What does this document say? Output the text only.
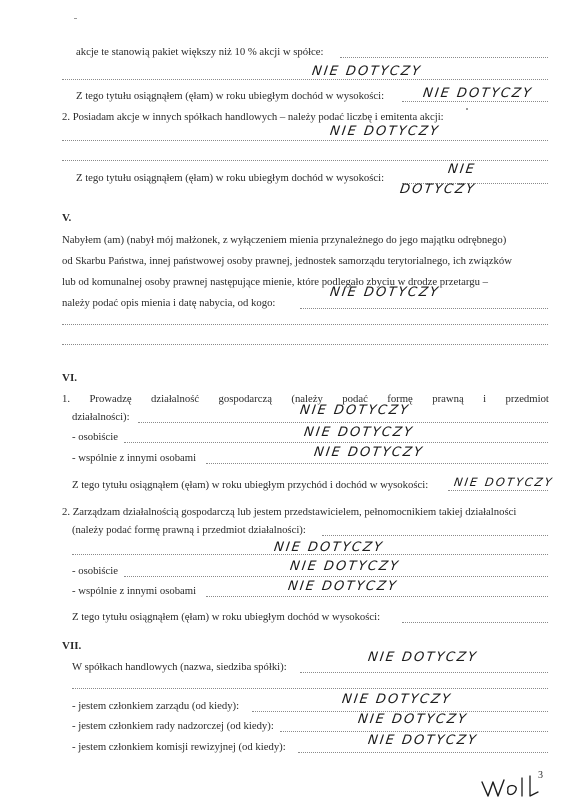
akcje te stanowią pakiet większy niż 10 % akcji w spółce:
NIE DOTYCZY
Z tego tytułu osiągnąłem (ęłam) w roku ubiegłym dochód w wysokości:	NIE DOTYCZY
2. Posiadam akcje w innych spółkach handlowych – należy podać liczbę i emitenta akcji:
NIE DOTYCZY
Z tego tytułu osiągnąłem (ęłam) w roku ubiegłym dochód w wysokości:
NIE
DOTYCZY
V.
Nabyłem (am) (nabył mój małżonek, z wyłączeniem mienia przynależnego do jego majątku odrębnego)
od Skarbu Państwa, innej państwowej osoby prawnej, jednostek samorządu terytorialnego, ich związków
lub od komunalnej osoby prawnej następujące mienie, które podlegało zbyciu w drodze przetargu –
należy podać opis mienia i datę nabycia, od kogo:
NIE DOTYCZY
VI.
1. Prowadzę działalność gospodarczą (należy podać formę prawną i przedmiot
działalności):	NIE DOTYCZY
- osobiście	NIE DOTYCZY
- wspólnie z innymi osobami	NIE DOTYCZY
Z tego tytułu osiągnąłem (ęłam) w roku ubiegłym przychód i dochód w wysokości: NIE DOTYCZY
2. Zarządzam działalnością gospodarczą lub jestem przedstawicielem, pełnomocnikiem takiej działalności
(należy podać formę prawną i przedmiot działalności):
NIE DOTYCZY
- osobiście	NIE DOTYCZY
- wspólnie z innymi osobami	NIE DOTYCZY
Z tego tytułu osiągnąłem (ęłam) w roku ubiegłym dochód w wysokości:
VII.
W spółkach handlowych (nazwa, siedziba spółki):
NIE DOTYCZY
- jestem członkiem zarządu (od kiedy):	NIE DOTYCZY
- jestem członkiem rady nadzorczej (od kiedy):	NIE DOTYCZY
- jestem członkiem komisji rewizyjnej (od kiedy):	NIE DOTYCZY
3
